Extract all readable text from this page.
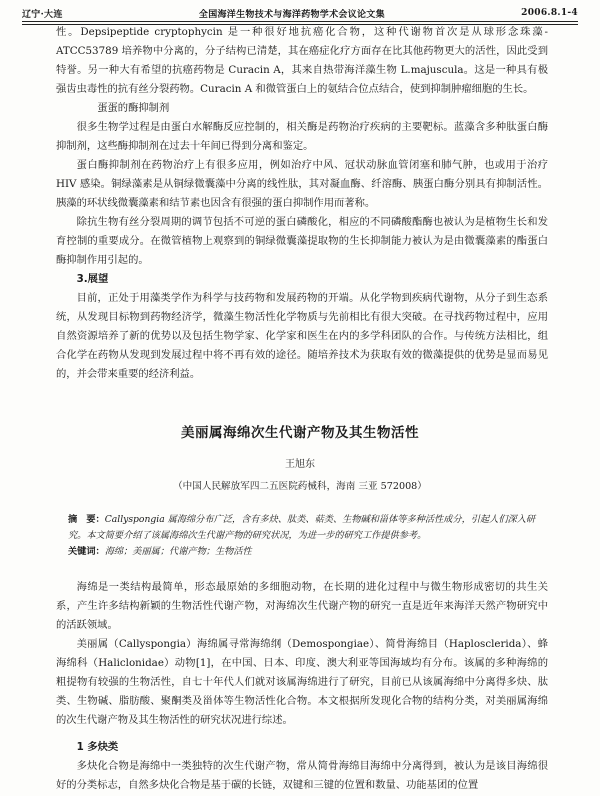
辽宁·大连	全国海洋生物技术与海洋药物学术会议论文集	2006.8.1-4

性。Depsipeptide cryptophycin 是一种很好地抗癌化合物，这种代谢物首次是从球形念珠藻-ATCC53789 培养物中分离的，分子结构已清楚，其在癌症化疗方面存在比其他药物更大的活性，因此受到特誉。另一种大有希望的抗癌药物是 Curacin A，其来自热带海洋藻生物 L.majuscula。这是一种具有极强齿虫毒性的抗有丝分裂药物。Curacin A 和微管蛋白上的氨结合位点结合，使到抑制肿瘤细胞的生长。

蛋蛋的酶抑制剂

很多生物学过程是由蛋白水解酶反应控制的，相关酶是药物治疗疾病的主要靶标。蓝藻含多种肽蛋白酶抑制剂，这些酶抑制剂在过去十年间已得到分离和鉴定。

蛋白酶抑制剂在药物治疗上有很多应用，例如治疗中风、冠状动脉血管闭塞和肺气肿，也或用于治疗 HIV 感染。铜绿藻素是从铜绿微囊藻中分离的线性肽，其对凝血酶、纤溶酶、胰蛋白酶分别具有抑制活性。胰藻的环状线微囊藻素和结节素也因含有很强的蛋白抑制作用而著称。

除抗生物有丝分裂周期的调节包括不可逆的蛋白磷酸化，相应的不同磷酸酯酶也被认为是植物生长和发育控制的重要成分。在微管植物上观察到的铜绿微囊藻提取物的生长抑制能力被认为是由微囊藻素的酯蛋白酶抑制作用引起的。

3.展望

目前，正处于用藻类学作为科学与技药物和发展药物的开端。从化学物到疾病代谢物，从分子到生态系统，从发现目标物到药物经济学，微藻生物活性化学物质与先前相比有很大突破。在寻找药物过程中，应用自然资源培养了新的优势以及包括生物学家、化学家和医生在内的多学科团队的合作。与传统方法相比，组合化学在药物从发现到发展过程中将不再有效的途径。随培养技术为获取有效的微藻提供的优势是显而易见的，并会带来重要的经济利益。

美丽属海绵次生代谢产物及其生物活性
王旭东
（中国人民解放军四二五医院药械科，海南 三亚 572008）

摘　要：Callyspongia 属海绵分布广泛，含有多炔、肽类、萜类、生物碱和甾体等多种活性成分，引起人们深入研究。本文简要介绍了该属海绵次生代谢产物的研究状况，为进一步的研究工作提供参考。

关键词：海绵；美丽属；代谢产物；生物活性

海绵是一类结构最简单，形态最原始的多细胞动物，在长期的进化过程中与微生物形成密切的共生关系，产生许多结构新颖的生物活性代谢产物，对海绵次生代谢产物的研究一直是近年来海洋天然产物研究中的活跃领域。

美丽属（Callyspongia）海绵属寻常海绵纲（Demospongiae）、简骨海绵目（Haplosclerida）、蜂海绵科（Haliclonidae）动物[1]，在中国、日本、印度、澳大利亚等国海域均有分布。该属的多种海绵的粗提物有较强的生物活性，自七十年代人们就对该属海绵进行了研究，目前已从该属海绵中分离得多炔、肽类、生物碱、脂肪酸、聚酮类及甾体等生物活性化合物。本文根据所发现化合物的结构分类，对美丽属海绵的次生代谢产物及其生物活性的研究状况进行综述。

1 多炔类

多炔化合物是海绵中一类独特的次生代谢产物，常从简骨海绵目海绵中分离得到，被认为是该目海绵很好的分类标志，自然多炔化合物是基于碳的长链，双键和三键的位置和数量、功能基团的位置
